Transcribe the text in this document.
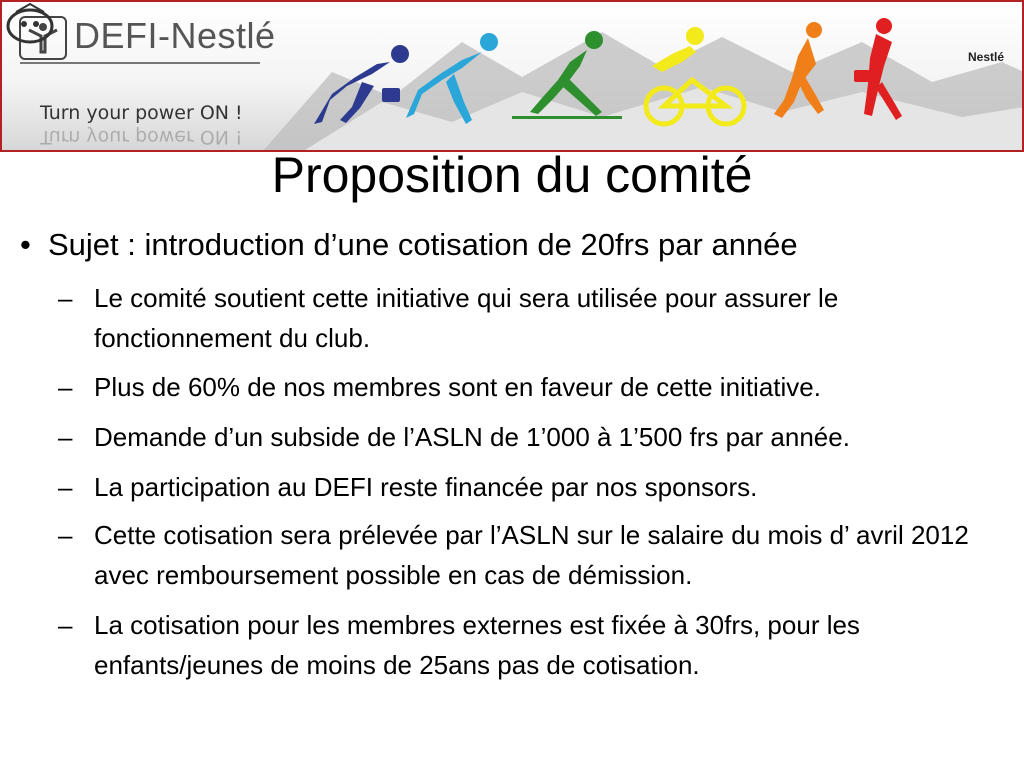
DEFI-Nestlé
Turn your power ON !
Turn your power ON !
Nestlé
Proposition du comité
• Sujet : introduction d’une cotisation de 20frs par année
– Le comité soutient cette initiative qui sera utilisée pour assurer le fonctionnement du club.
– Plus de 60% de nos membres sont en faveur de cette initiative.
– Demande d’un subside de l’ASLN de 1’000 à 1’500 frs par année.
– La participation au DEFI reste financée par nos sponsors.
– Cette cotisation sera prélevée par l’ASLN sur le salaire du mois d’ avril 2012 avec remboursement possible en cas de démission.
– La cotisation pour les membres externes est fixée à 30frs, pour les enfants/jeunes de moins de 25ans pas de cotisation.
